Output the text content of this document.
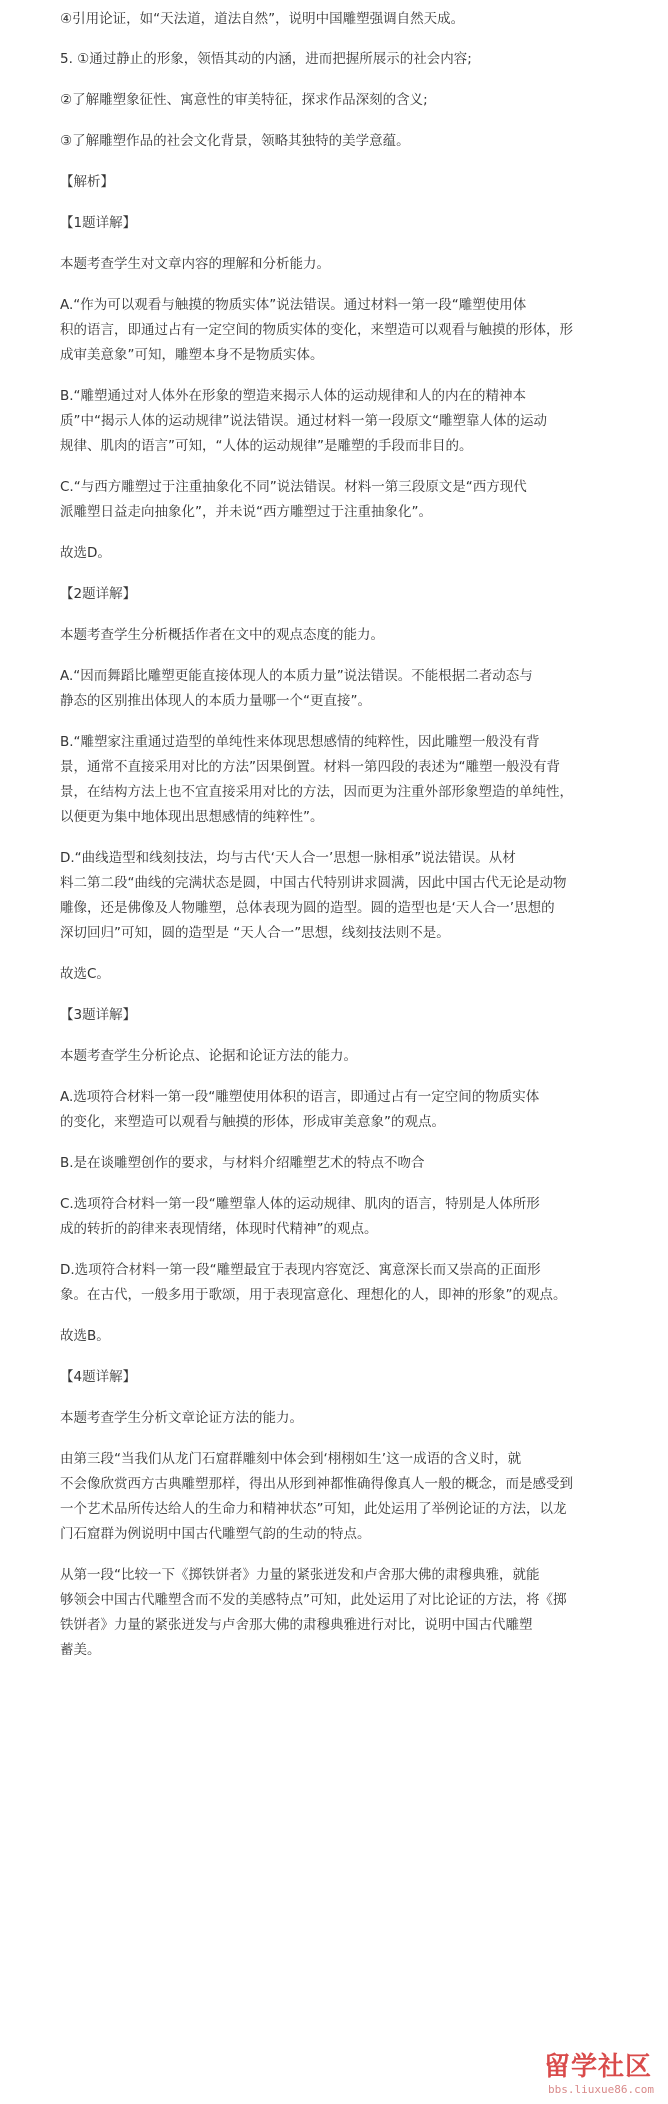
④引用论证，如“天法道，道法自然”，说明中国雕塑强调自然天成。

5. ①通过静止的形象，领悟其动的内涵，进而把握所展示的社会内容;

②了解雕塑象征性、寓意性的审美特征，探求作品深刻的含义;

③了解雕塑作品的社会文化背景，领略其独特的美学意蕴。

【解析】

【1题详解】

本题考查学生对文章内容的理解和分析能力。

A.“作为可以观看与触摸的物质实体”说法错误。通过材料一第一段“雕塑使用体

积的语言，即通过占有一定空间的物质实体的变化，来塑造可以观看与触摸的形体，形

成审美意象”可知，雕塑本身不是物质实体。

B.“雕塑通过对人体外在形象的塑造来揭示人体的运动规律和人的内在的精神本

质”中“揭示人体的运动规律”说法错误。通过材料一第一段原文“雕塑靠人体的运动

规律、肌肉的语言”可知，“人体的运动规律”是雕塑的手段而非目的。

C.“与西方雕塑过于注重抽象化不同”说法错误。材料一第三段原文是“西方现代

派雕塑日益走向抽象化”，并未说“西方雕塑过于注重抽象化”。

故选D。

【2题详解】

本题考查学生分析概括作者在文中的观点态度的能力。

A.“因而舞蹈比雕塑更能直接体现人的本质力量”说法错误。不能根据二者动态与

静态的区别推出体现人的本质力量哪一个“更直接”。

B.“雕塑家注重通过造型的单纯性来体现思想感情的纯粹性，因此雕塑一般没有背

景，通常不直接采用对比的方法”因果倒置。材料一第四段的表述为“雕塑一般没有背

景，在结构方法上也不宜直接采用对比的方法，因而更为注重外部形象塑造的单纯性，

以便更为集中地体现出思想感情的纯粹性”。

D.“曲线造型和线刻技法，均与古代‘天人合一’思想一脉相承”说法错误。从材

料二第二段“曲线的完满状态是圆，中国古代特别讲求圆满，因此中国古代无论是动物

雕像，还是佛像及人物雕塑，总体表现为圆的造型。圆的造型也是‘天人合一’思想的

深切回归”可知，圆的造型是 “天人合一”思想，线刻技法则不是。

故选C。

【3题详解】

本题考查学生分析论点、论据和论证方法的能力。

A.选项符合材料一第一段“雕塑使用体积的语言，即通过占有一定空间的物质实体

的变化，来塑造可以观看与触摸的形体，形成审美意象”的观点。

B.是在谈雕塑创作的要求，与材料介绍雕塑艺术的特点不吻合

C.选项符合材料一第一段“雕塑靠人体的运动规律、肌肉的语言，特别是人体所形

成的转折的韵律来表现情绪，体现时代精神”的观点。

D.选项符合材料一第一段“雕塑最宜于表现内容宽泛、寓意深长而又崇高的正面形

象。在古代，一般多用于歌颂，用于表现富意化、理想化的人，即神的形象”的观点。

故选B。

【4题详解】

本题考查学生分析文章论证方法的能力。

由第三段“当我们从龙门石窟群雕刻中体会到‘栩栩如生’这一成语的含义时，就

不会像欣赏西方古典雕塑那样，得出从形到神都惟确得像真人一般的概念，而是感受到

一个艺术品所传达给人的生命力和精神状态”可知，此处运用了举例论证的方法，以龙

门石窟群为例说明中国古代雕塑气韵的生动的特点。

从第一段“比较一下《掷铁饼者》力量的紧张迸发和卢舍那大佛的肃穆典雅，就能

够领会中国古代雕塑含而不发的美感特点”可知，此处运用了对比论证的方法，将《掷

铁饼者》力量的紧张迸发与卢舍那大佛的肃穆典雅进行对比，说明中国古代雕塑

蓄美。

留学社区
bbs.liuxue86.com
